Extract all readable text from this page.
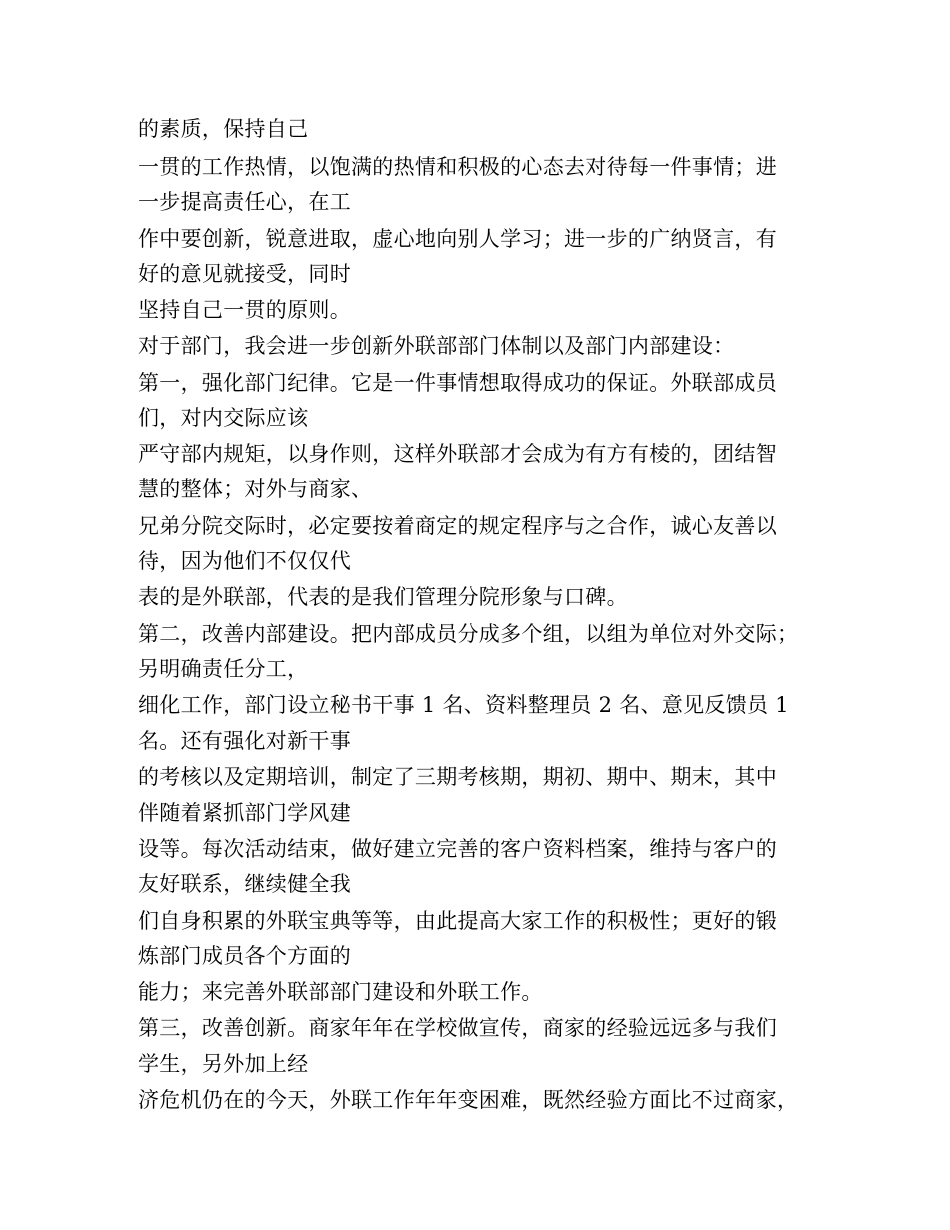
的素质，保持自己
一贯的工作热情，以饱满的热情和积极的心态去对待每一件事情；进
一步提高责任心，在工
作中要创新，锐意进取，虚心地向别人学习；进一步的广纳贤言，有
好的意见就接受，同时
坚持自己一贯的原则。
对于部门，我会进一步创新外联部部门体制以及部门内部建设：
第一，强化部门纪律。它是一件事情想取得成功的保证。外联部成员
们，对内交际应该
严守部内规矩，以身作则，这样外联部才会成为有方有棱的，团结智
慧的整体；对外与商家、
兄弟分院交际时，必定要按着商定的规定程序与之合作，诚心友善以
待，因为他们不仅仅代
表的是外联部，代表的是我们管理分院形象与口碑。
第二，改善内部建设。把内部成员分成多个组，以组为单位对外交际；
另明确责任分工，
细化工作，部门设立秘书干事 1 名、资料整理员 2 名、意见反馈员 1
名。还有强化对新干事
的考核以及定期培训，制定了三期考核期，期初、期中、期末，其中
伴随着紧抓部门学风建
设等。每次活动结束，做好建立完善的客户资料档案，维持与客户的
友好联系，继续健全我
们自身积累的外联宝典等等，由此提高大家工作的积极性；更好的锻
炼部门成员各个方面的
能力；来完善外联部部门建设和外联工作。
第三，改善创新。商家年年在学校做宣传，商家的经验远远多与我们
学生，另外加上经
济危机仍在的今天，外联工作年年变困难，既然经验方面比不过商家，
